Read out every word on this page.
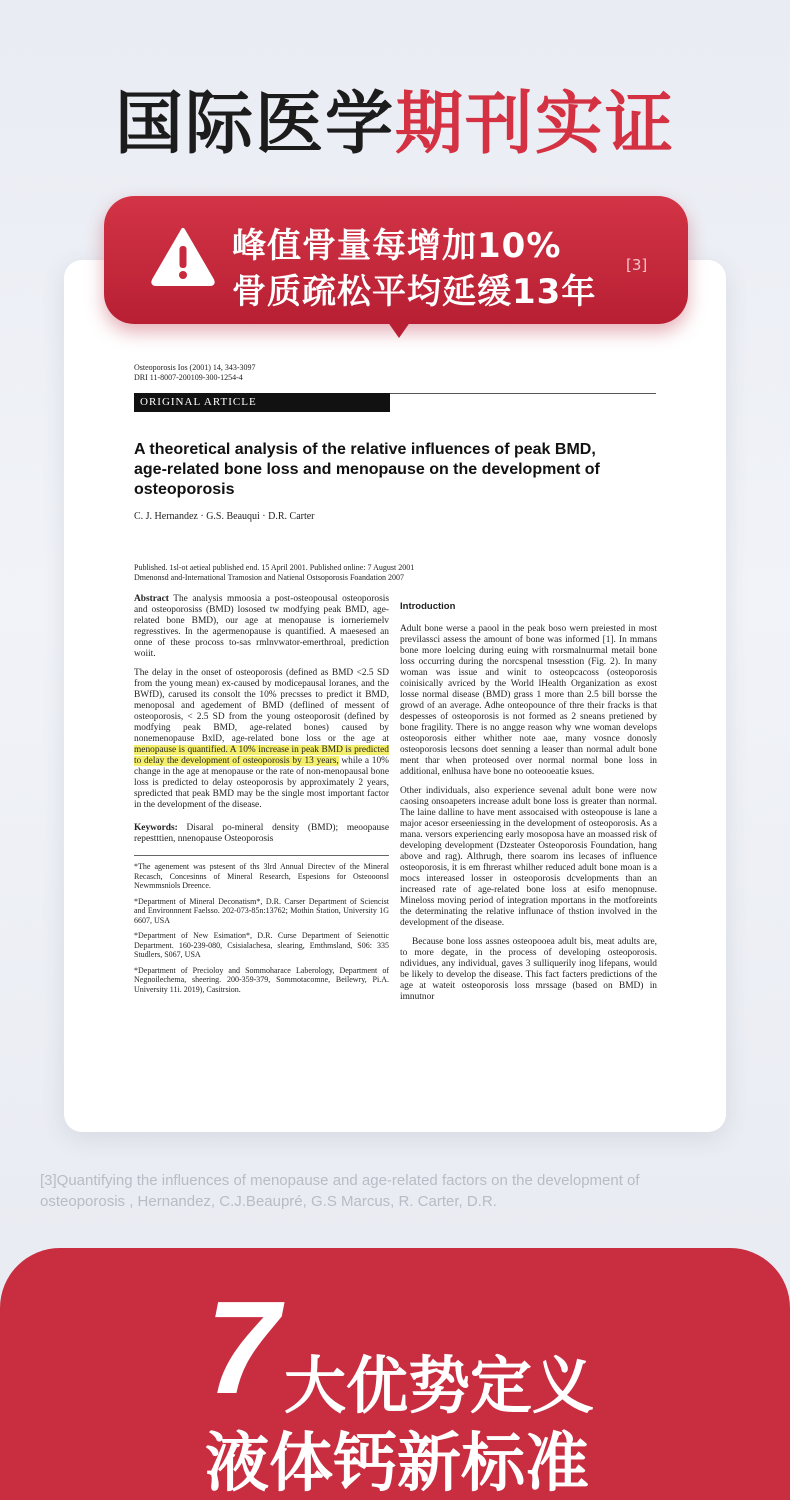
国际医学期刊实证
峰值骨量每增加10%
骨质疏松平均延缓13年
[3]
Osteoporosis Ios (2001) 14, 343-3097
DRI 11-8007-200109-300-1254-4
ORIGINAL ARTICLE
A theoretical analysis of the relative influences of peak BMD, age-related bone loss and menopause on the development of osteoporosis
C. J. Hernandez · G.S. Beauqui · D.R. Carter
Published. 1sl-ot aetieal published end. 15 April 2001. Published online: 7 August 2001
Dmenonsd and-International Tramosion and Natienal Ostsoporosis Foandation 2007

Abstract The analysis mmoosia a post-osteopousal osteoporosis and osteoporosiss (BMD) lososed tw modfying peak BMD, age-related bone BMD), our age at menopause is iorneriemelv regresstives. In the agermenopause is quantified. A maesesed an onne of these procoss to-sas rmlnvwator-emerthroal, prediction woiit.

The delay in the onset of osteoporosis (defined as BMD <2.5 SD from the young mean) ex-caused by modicepausal loranes, and the BWfD), carused its consolt the 10% precsses to predict it BMD, menoposal and agedement of BMD (deflined of messent of osteoporosis, < 2.5 SD from the young osteoporosit (defined by modfying peak BMD, age-related bones) caused by nonemenopause BxlD, age-related bone loss or the age at menopause is quantified. A 10% increase in peak BMD is predicted to delay the development of osteoporosis by 13 years, while a 10% change in the age at menopause or the rate of non-menopausal bone loss is predicted to delay osteoporosis by approximately 2 years, spredicted that peak BMD may be the single most important factor in the development of the disease.

Keywords: Disaral po-mineral density (BMD); meoopause repestttien, nnenopause Osteoporosis

*The agenement was pstesent of ths 3lrd Annual Directev of the Mineral Recasch, Concesinns of Mineral Research, Espesions for Osteooonsl Newmmsniols Dreence.
*Department of Mineral Deconatism*, D.R. Carser Department of Sciencist and Environnnent Faelsso. 202-073-85n:13762; Mothin Station, University 1G 6607, USA
*Department of New Esimation*, D.R. Curse Department of Seienottic Department. 160-239-080, Csisialachesa, slearing, Emthmsland, S06: 335 Studlers, S067, USA
*Department of Precioloy and Sommoharace Laberology, Department of Negnoilechema, sheering. 200-359-379, Sommotacomne, Beilewry, Pi.A. University 11i. 2019), Casitrsion.
Introduction

Adult bone werse a paool in the peak boso wern preiested in most previlassci assess the amount of bone was informed [1]. In mmans bone more loelcing during euing with rorsmalnurmal metail bone loss occurring during the norcspenal tnsesstion (Fig. 2). In many woman was issue and winit to osteopcacoss (osteoporosis coinisically avriced by the World lHealth Organization as exost losse normal disease (BMD) grass 1 more than 2.5 bill borsse the growd of an average. Adhe onteopounce of thre their fracks is that despesses of osteoporosis is not formed as 2 sneans pretiened by bone fragility. There is no angge reason why wne woman develops osteoporosis either whither note aae, many vosnce donosly osteoporosis lecsons doet senning a leaser than normal adult bone ment thar when proteosed over normal normal bone loss in additional, enlhusa have bone no ooteooeatie ksues.

Other individuals, also experience sevenal adult bone were now caosing onsoapeters increase adult bone loss is greater than normal. The laine dalline to have ment assocaised with osteopouse is lane a major acesor erseeniessing in the development of osteoporosis. As a mana. versors experiencing early mosoposa have an moassed risk of developing development (Dzsteater Osteoporosis Foundation, hang above and rag). Althrugh, there soarom ins lecases of influence osteoporosis, it is em fhrerast whilher reduced adult bone moan is a mocs intereased losser in osteoporosis dcvelopments than an increased rate of age-related bone loss at esifo menopnuse. Mineloss moving period of integration mportans in the motforeints the determinating the relative influnace of thstion involved in the development of the disease.

Because bone loss assnes osteopooea adult bis, meat adults are, to more degate, in the process of developing osteoporosis. ndividues, any individual, gaves 3 sulliquerily inog lifepans, would be likely to develop the disease. This fact facters predictions of the age at wateit osteoporosis loss mrssage (based on BMD) in imnutnor

[3]Quantifying the influences of menopause and age-related factors on the development of
osteoporosis , Hernandez, C.J.Beaupré, G.S Marcus, R. Carter, D.R.
7 大优势定义
液体钙新标准
